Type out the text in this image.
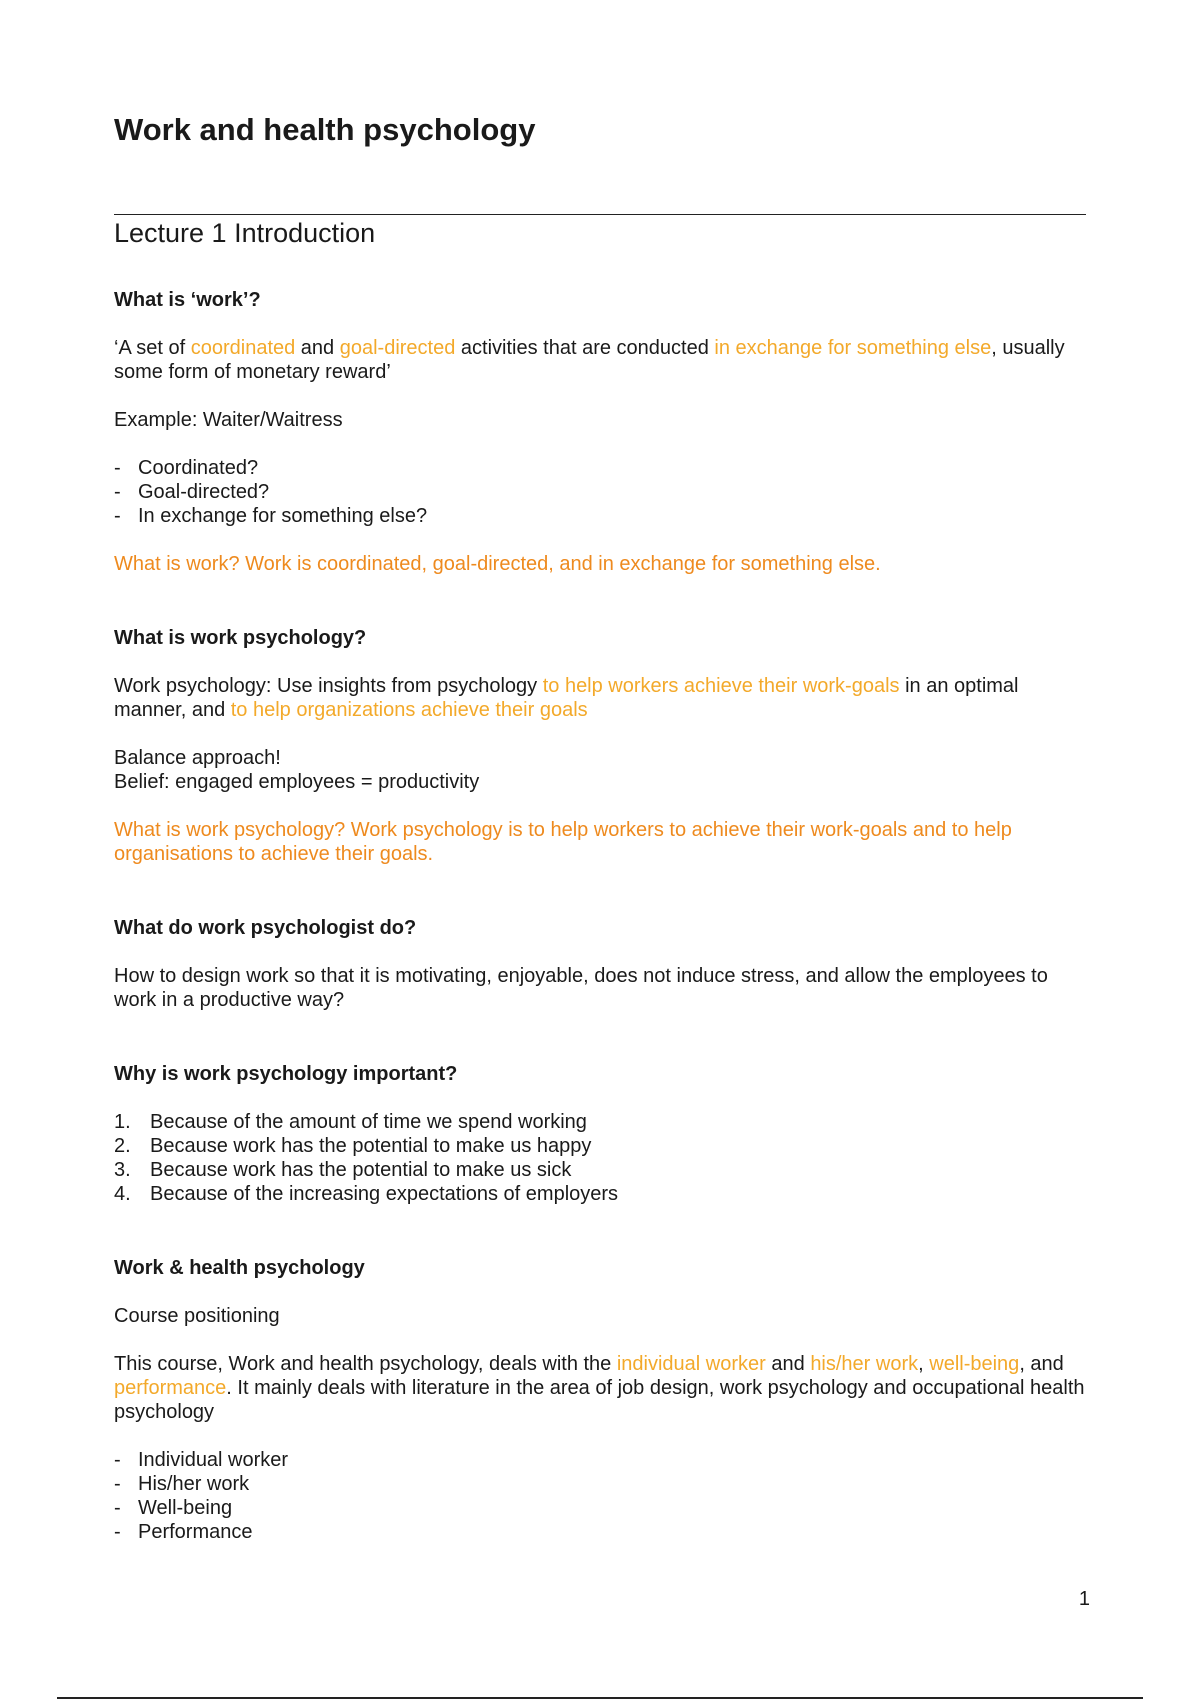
Work and health psychology
Lecture 1 Introduction
What is ‘work’?

‘A set of coordinated and goal-directed activities that are conducted in exchange for something else, usually some form of monetary reward’

Example: Waiter/Waitress

- Coordinated?
- Goal-directed?
- In exchange for something else?

What is work? Work is coordinated, goal-directed, and in exchange for something else.

What is work psychology?

Work psychology: Use insights from psychology to help workers achieve their work-goals in an optimal manner, and to help organizations achieve their goals

Balance approach!

Belief: engaged employees = productivity

What is work psychology? Work psychology is to help workers to achieve their work-goals and to help organisations to achieve their goals.

What do work psychologist do?

How to design work so that it is motivating, enjoyable, does not induce stress, and allow the employees to work in a productive way?

Why is work psychology important?
1. Because of the amount of time we spend working
2. Because work has the potential to make us happy
3. Because work has the potential to make us sick
4. Because of the increasing expectations of employers
Work & health psychology

Course positioning

This course, Work and health psychology, deals with the individual worker and his/her work, well-being, and performance. It mainly deals with literature in the area of job design, work psychology and occupational health psychology

- Individual worker
- His/her work
- Well-being
- Performance
1
